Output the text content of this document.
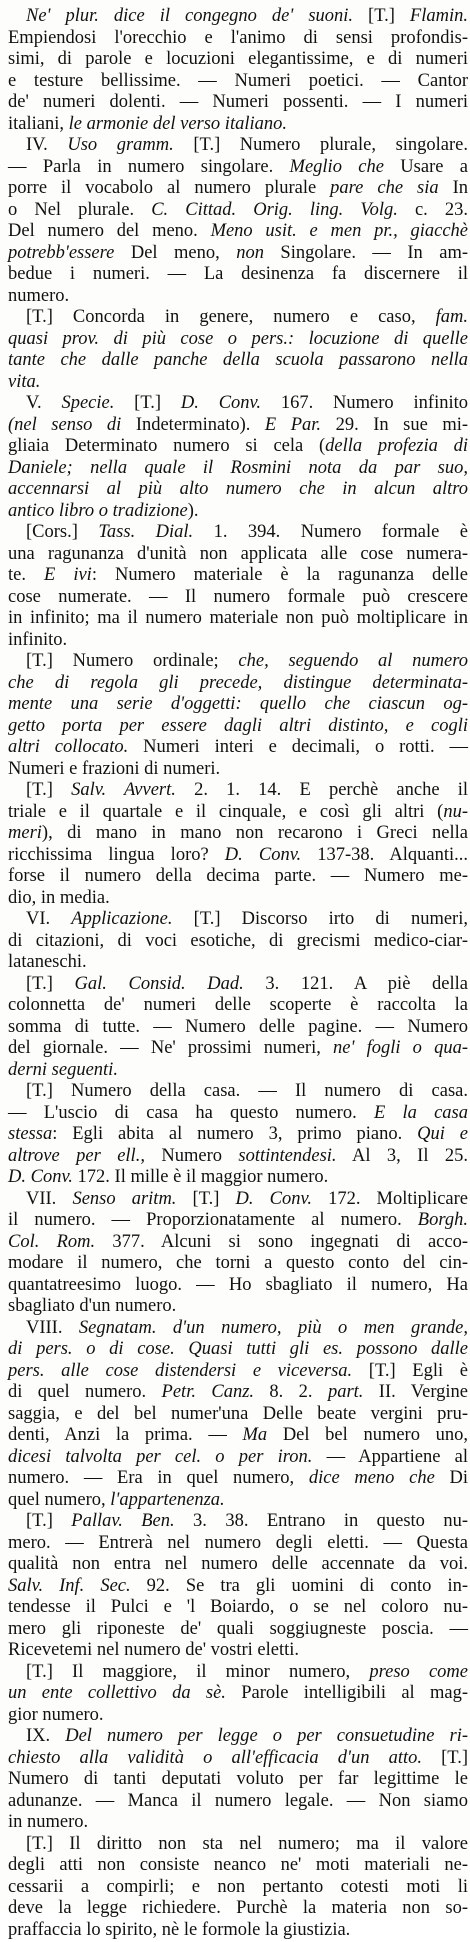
Ne' plur. dice il congegno de' suoni. [T.] Flamin.
Empiendosi l'orecchio e l'animo di sensi profondis-
simi, di parole e locuzioni elegantissime, e di numeri
e testure bellissime. — Numeri poetici. — Cantor
de' numeri dolenti. — Numeri possenti. — I numeri
italiani, le armonie del verso italiano.
IV. Uso gramm. [T.] Numero plurale, singolare.
— Parla in numero singolare. Meglio che Usare a
porre il vocabolo al numero plurale pare che sia In
o Nel plurale. C. Cittad. Orig. ling. Volg. c. 23.
Del numero del meno. Meno usit. e men pr., giacchè
potrebb'essere Del meno, non Singolare. — In am-
bedue i numeri. — La desinenza fa discernere il
numero.
[T.] Concorda in genere, numero e caso, fam.
quasi prov. di più cose o pers.: locuzione di quelle
tante che dalle panche della scuola passarono nella
vita.
V. Specie. [T.] D. Conv. 167. Numero infinito
(nel senso di Indeterminato). E Par. 29. In sue mi-
gliaia Determinato numero si cela (della profezia di
Daniele; nella quale il Rosmini nota da par suo,
accennarsi al più alto numero che in alcun altro
antico libro o tradizione).
[Cors.] Tass. Dial. 1. 394. Numero formale è
una ragunanza d'unità non applicata alle cose numera-
te. E ivi: Numero materiale è la ragunanza delle
cose numerate. — Il numero formale può crescere
in infinito; ma il numero materiale non può moltiplicare in
infinito.
[T.] Numero ordinale; che, seguendo al numero
che di regola gli precede, distingue determinata-
mente una serie d'oggetti: quello che ciascun og-
getto porta per essere dagli altri distinto, e cogli
altri collocato. Numeri interi e decimali, o rotti. —
Numeri e frazioni di numeri.
[T.] Salv. Avvert. 2. 1. 14. E perchè anche il
triale e il quartale e il cinquale, e così gli altri (nu-
meri), di mano in mano non recarono i Greci nella
ricchissima lingua loro? D. Conv. 137-38. Alquanti...
forse il numero della decima parte. — Numero me-
dio, in media.
VI. Applicazione. [T.] Discorso irto di numeri,
di citazioni, di voci esotiche, di grecismi medico-ciar-
lataneschi.
[T.] Gal. Consid. Dad. 3. 121. A piè della
colonnetta de' numeri delle scoperte è raccolta la
somma di tutte. — Numero delle pagine. — Numero
del giornale. — Ne' prossimi numeri, ne' fogli o qua-
derni seguenti.
[T.] Numero della casa. — Il numero di casa.
— L'uscio di casa ha questo numero. E la casa
stessa: Egli abita al numero 3, primo piano. Qui e
altrove per ell., Numero sottintendesi. Al 3, Il 25.
D. Conv. 172. Il mille è il maggior numero.
VII. Senso aritm. [T.] D. Conv. 172. Moltiplicare
il numero. — Proporzionatamente al numero. Borgh.
Col. Rom. 377. Alcuni si sono ingegnati di acco-
modare il numero, che torni a questo conto del cin-
quantatreesimo luogo. — Ho sbagliato il numero, Ha
sbagliato d'un numero.
VIII. Segnatam. d'un numero, più o men grande,
di pers. o di cose. Quasi tutti gli es. possono dalle
pers. alle cose distendersi e viceversa. [T.] Egli è
di quel numero. Petr. Canz. 8. 2. part. II. Vergine
saggia, e del bel numer'una Delle beate vergini pru-
denti, Anzi la prima. — Ma Del bel numero uno,
dicesi talvolta per cel. o per iron. — Appartiene al
numero. — Era in quel numero, dice meno che Di
quel numero, l'appartenenza.
[T.] Pallav. Ben. 3. 38. Entrano in questo nu-
mero. — Entrerà nel numero degli eletti. — Questa
qualità non entra nel numero delle accennate da voi.
Salv. Inf. Sec. 92. Se tra gli uomini di conto in-
tendesse il Pulci e 'l Boiardo, o se nel coloro nu-
mero gli riponeste de' quali soggiugneste poscia. —
Ricevetemi nel numero de' vostri eletti.
[T.] Il maggiore, il minor numero, preso come
un ente collettivo da sè. Parole intelligibili al mag-
gior numero.
IX. Del numero per legge o per consuetudine ri-
chiesto alla validità o all'efficacia d'un atto. [T.]
Numero di tanti deputati voluto per far legittime le
adunanze. — Manca il numero legale. — Non siamo
in numero.
[T.] Il diritto non sta nel numero; ma il valore
degli atti non consiste neanco ne' moti materiali ne-
cessarii a compirli; e non pertanto cotesti moti li
deve la legge richiedere. Purchè la materia non so-
praffaccia lo spirito, nè le formole la giustizia.
